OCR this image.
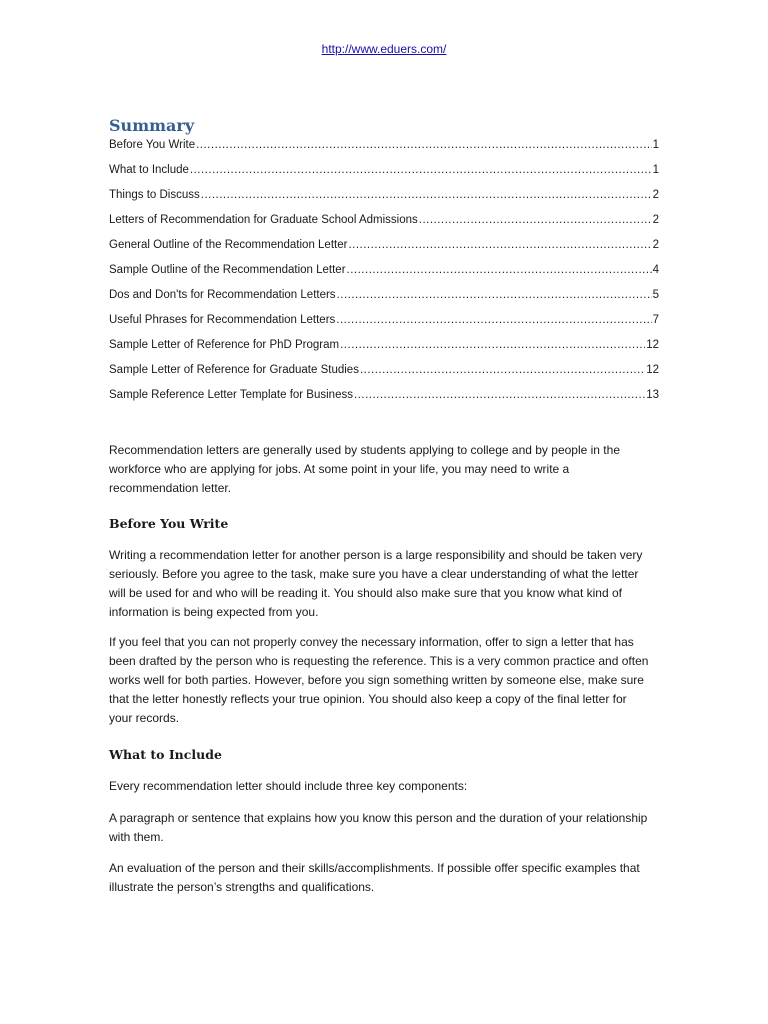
http://www.eduers.com/
Summary
Before You Write .....	1
What to Include .....	1
Things to Discuss .....	2
Letters of Recommendation for Graduate School Admissions .....	2
General Outline of the Recommendation Letter .....	2
Sample Outline of the Recommendation Letter .....	4
Dos and Don'ts for Recommendation Letters .....	5
Useful Phrases for Recommendation Letters .....	7
Sample Letter of Reference for PhD Program .....	12
Sample Letter of Reference for Graduate Studies .....	12
Sample Reference Letter Template for Business .....	13

Recommendation letters are generally used by students applying to college and by people in the workforce who are applying for jobs. At some point in your life, you may need to write a recommendation letter.

Before You Write

Writing a recommendation letter for another person is a large responsibility and should be taken very seriously. Before you agree to the task, make sure you have a clear understanding of what the letter will be used for and who will be reading it. You should also make sure that you know what kind of information is being expected from you.

If you feel that you can not properly convey the necessary information, offer to sign a letter that has been drafted by the person who is requesting the reference. This is a very common practice and often works well for both parties. However, before you sign something written by someone else, make sure that the letter honestly reflects your true opinion. You should also keep a copy of the final letter for your records.

What to Include

Every recommendation letter should include three key components:

A paragraph or sentence that explains how you know this person and the duration of your relationship with them.

An evaluation of the person and their skills/accomplishments. If possible offer specific examples that illustrate the person’s strengths and qualifications.
